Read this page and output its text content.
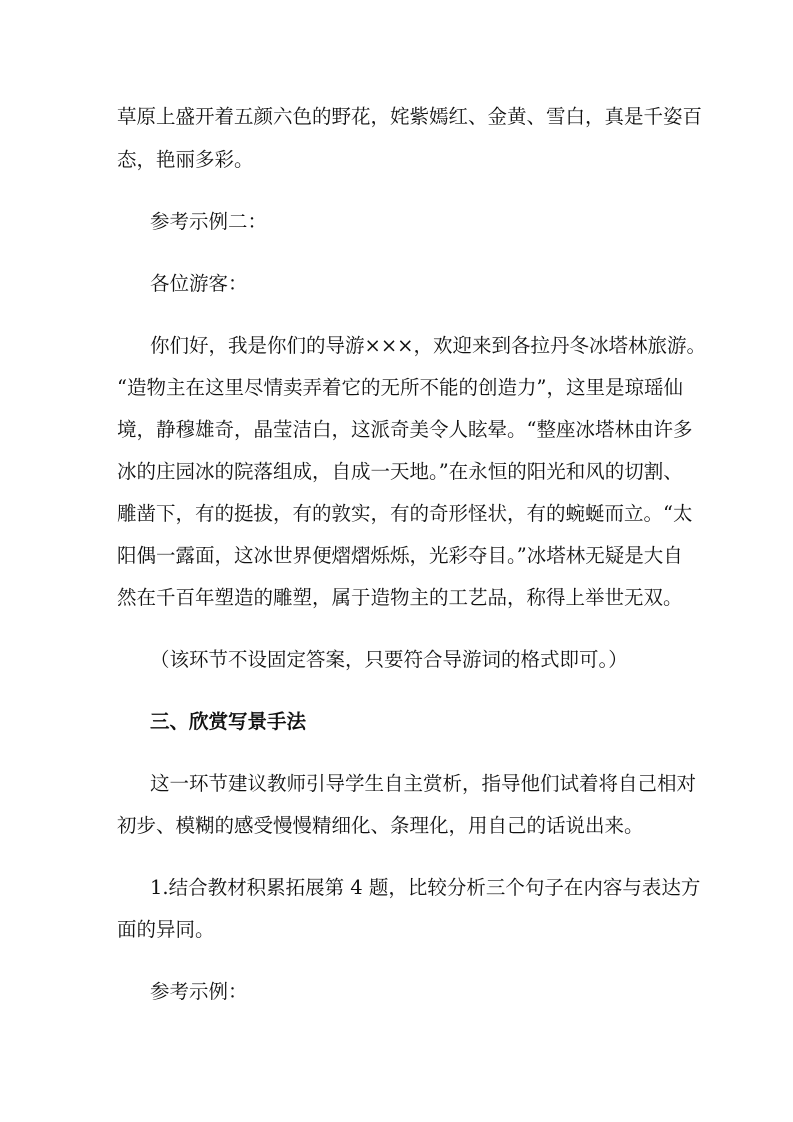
草原上盛开着五颜六色的野花，姹紫嫣红、金黄、雪白，真是千姿百
态，艳丽多彩。
参考示例二：
各位游客：
你们好，我是你们的导游×××，欢迎来到各拉丹冬冰塔林旅游。
“造物主在这里尽情卖弄着它的无所不能的创造力”，这里是琼瑶仙
境，静穆雄奇，晶莹洁白，这派奇美令人眩晕。“整座冰塔林由许多
冰的庄园冰的院落组成，自成一天地。”在永恒的阳光和风的切割、
雕凿下，有的挺拔，有的敦实，有的奇形怪状，有的蜿蜒而立。“太
阳偶一露面，这冰世界便熠熠烁烁，光彩夺目。”冰塔林无疑是大自
然在千百年塑造的雕塑，属于造物主的工艺品，称得上举世无双。
（该环节不设固定答案，只要符合导游词的格式即可。）
三、欣赏写景手法
这一环节建议教师引导学生自主赏析，指导他们试着将自己相对
初步、模糊的感受慢慢精细化、条理化，用自己的话说出来。
1.结合教材积累拓展第 4 题，比较分析三个句子在内容与表达方
面的异同。
参考示例：
